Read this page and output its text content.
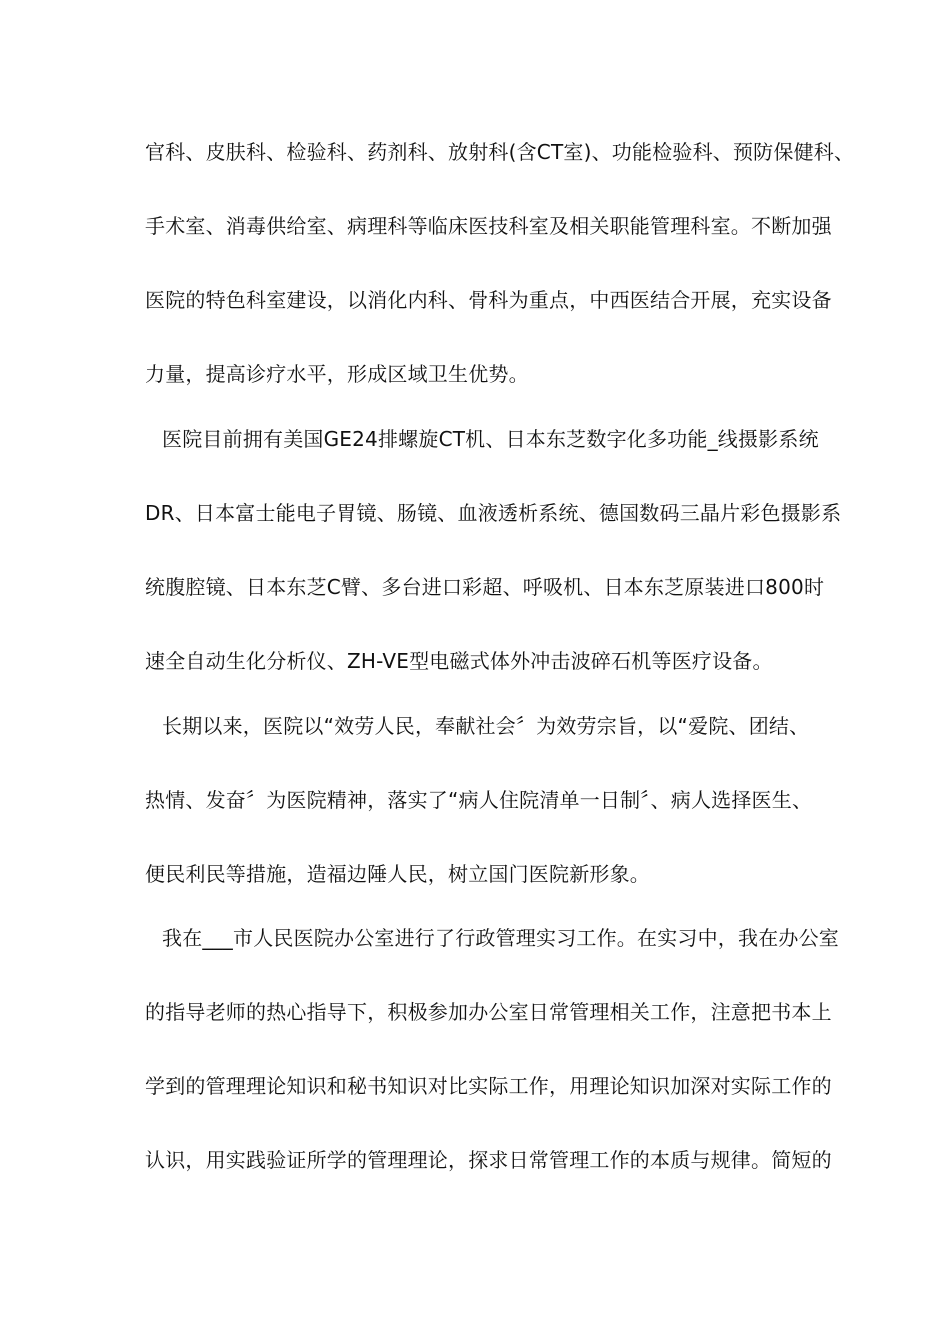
官科、皮肤科、检验科、药剂科、放射科(含CT室)、功能检验科、预防保健科、
手术室、消毒供给室、病理科等临床医技科室及相关职能管理科室。不断加强
医院的特色科室建设，以消化内科、骨科为重点，中西医结合开展，充实设备
力量，提高诊疗水平，形成区域卫生优势。
医院目前拥有美国GE24排螺旋CT机、日本东芝数字化多功能_线摄影系统
DR、日本富士能电子胃镜、肠镜、血液透析系统、德国数码三晶片彩色摄影系
统腹腔镜、日本东芝C臂、多台进口彩超、呼吸机、日本东芝原装进口800时
速全自动生化分析仪、ZH-VE型电磁式体外冲击波碎石机等医疗设备。
长期以来，医院以“效劳人民，奉献社会〞为效劳宗旨，以“爱院、团结、
热情、发奋〞为医院精神，落实了“病人住院清单一日制〞、病人选择医生、
便民利民等措施，造福边陲人民，树立国门医院新形象。
我在___市人民医院办公室进行了行政管理实习工作。在实习中，我在办公室
的指导老师的热心指导下，积极参加办公室日常管理相关工作，注意把书本上
学到的管理理论知识和秘书知识对比实际工作，用理论知识加深对实际工作的
认识，用实践验证所学的管理理论，探求日常管理工作的本质与规律。简短的
